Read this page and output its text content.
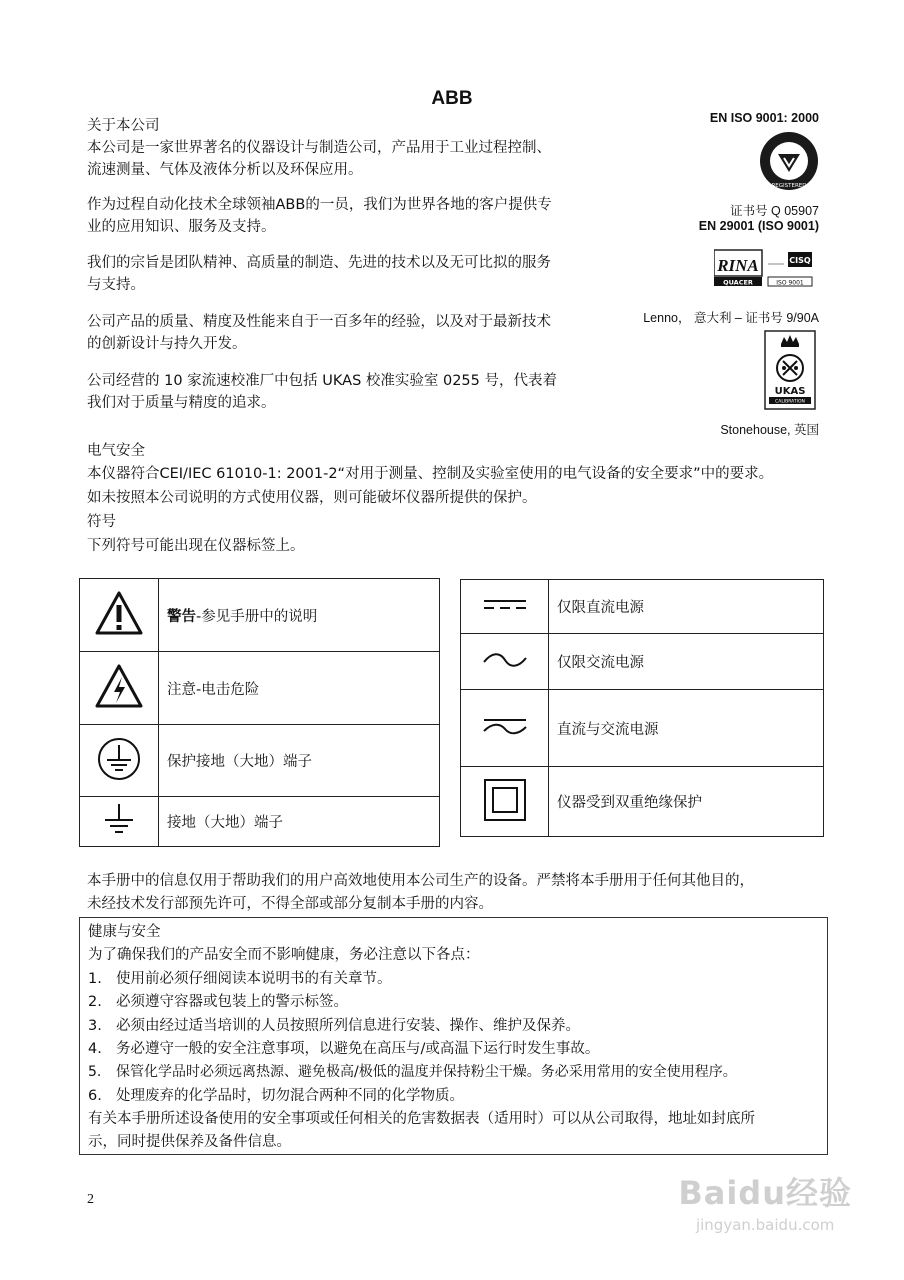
ABB
关于本公司
本公司是一家世界著名的仪器设计与制造公司，产品用于工业过程控制、流速测量、气体及液体分析以及环保应用。
作为过程自动化技术全球领袖ABB的一员，我们为世界各地的客户提供专业的应用知识、服务及支持。
我们的宗旨是团队精神、高质量的制造、先进的技术以及无可比拟的服务与支持。
公司产品的质量、精度及性能来自于一百多年的经验，以及对于最新技术的创新设计与持久开发。
公司经营的 10 家流速校准厂中包括 UKAS 校准实验室 0255 号，代表着我们对于质量与精度的追求。
EN ISO 9001: 2000
REGISTERED
证书号 Q 05907
EN 29001 (ISO 9001)
RINA
QUACER
CISQ
ISO 9001
Lenno， 意大利 – 证书号 9/90A
UKAS
CALIBRATION
Stonehouse, 英国
电气安全
本仪器符合CEI/IEC 61010-1: 2001-2“对用于测量、控制及实验室使用的电气设备的安全要求”中的要求。
如未按照本公司说明的方式使用仪器，则可能破坏仪器所提供的保护。
符号
下列符号可能出现在仪器标签上。
	警告-参见手册中的说明
	注意-电击危险
	保护接地（大地）端子
	接地（大地）端子
	仅限直流电源
	仅限交流电源
	直流与交流电源
	仪器受到双重绝缘保护
本手册中的信息仅用于帮助我们的用户高效地使用本公司生产的设备。严禁将本手册用于任何其他目的，
未经技术发行部预先许可，不得全部或部分复制本手册的内容。
健康与安全
为了确保我们的产品安全而不影响健康，务必注意以下各点：
1. 使用前必须仔细阅读本说明书的有关章节。
2. 必须遵守容器或包装上的警示标签。
3. 必须由经过适当培训的人员按照所列信息进行安装、操作、维护及保养。
4. 务必遵守一般的安全注意事项，以避免在高压与/或高温下运行时发生事故。
5. 保管化学品时必须远离热源、避免极高/极低的温度并保持粉尘干燥。务必采用常用的安全使用程序。
6. 处理废弃的化学品时，切勿混合两种不同的化学物质。
有关本手册所述设备使用的安全事项或任何相关的危害数据表（适用时）可以从公司取得，地址如封底所
示，同时提供保养及备件信息。
2	Baidu经验
jingyan.baidu.com
